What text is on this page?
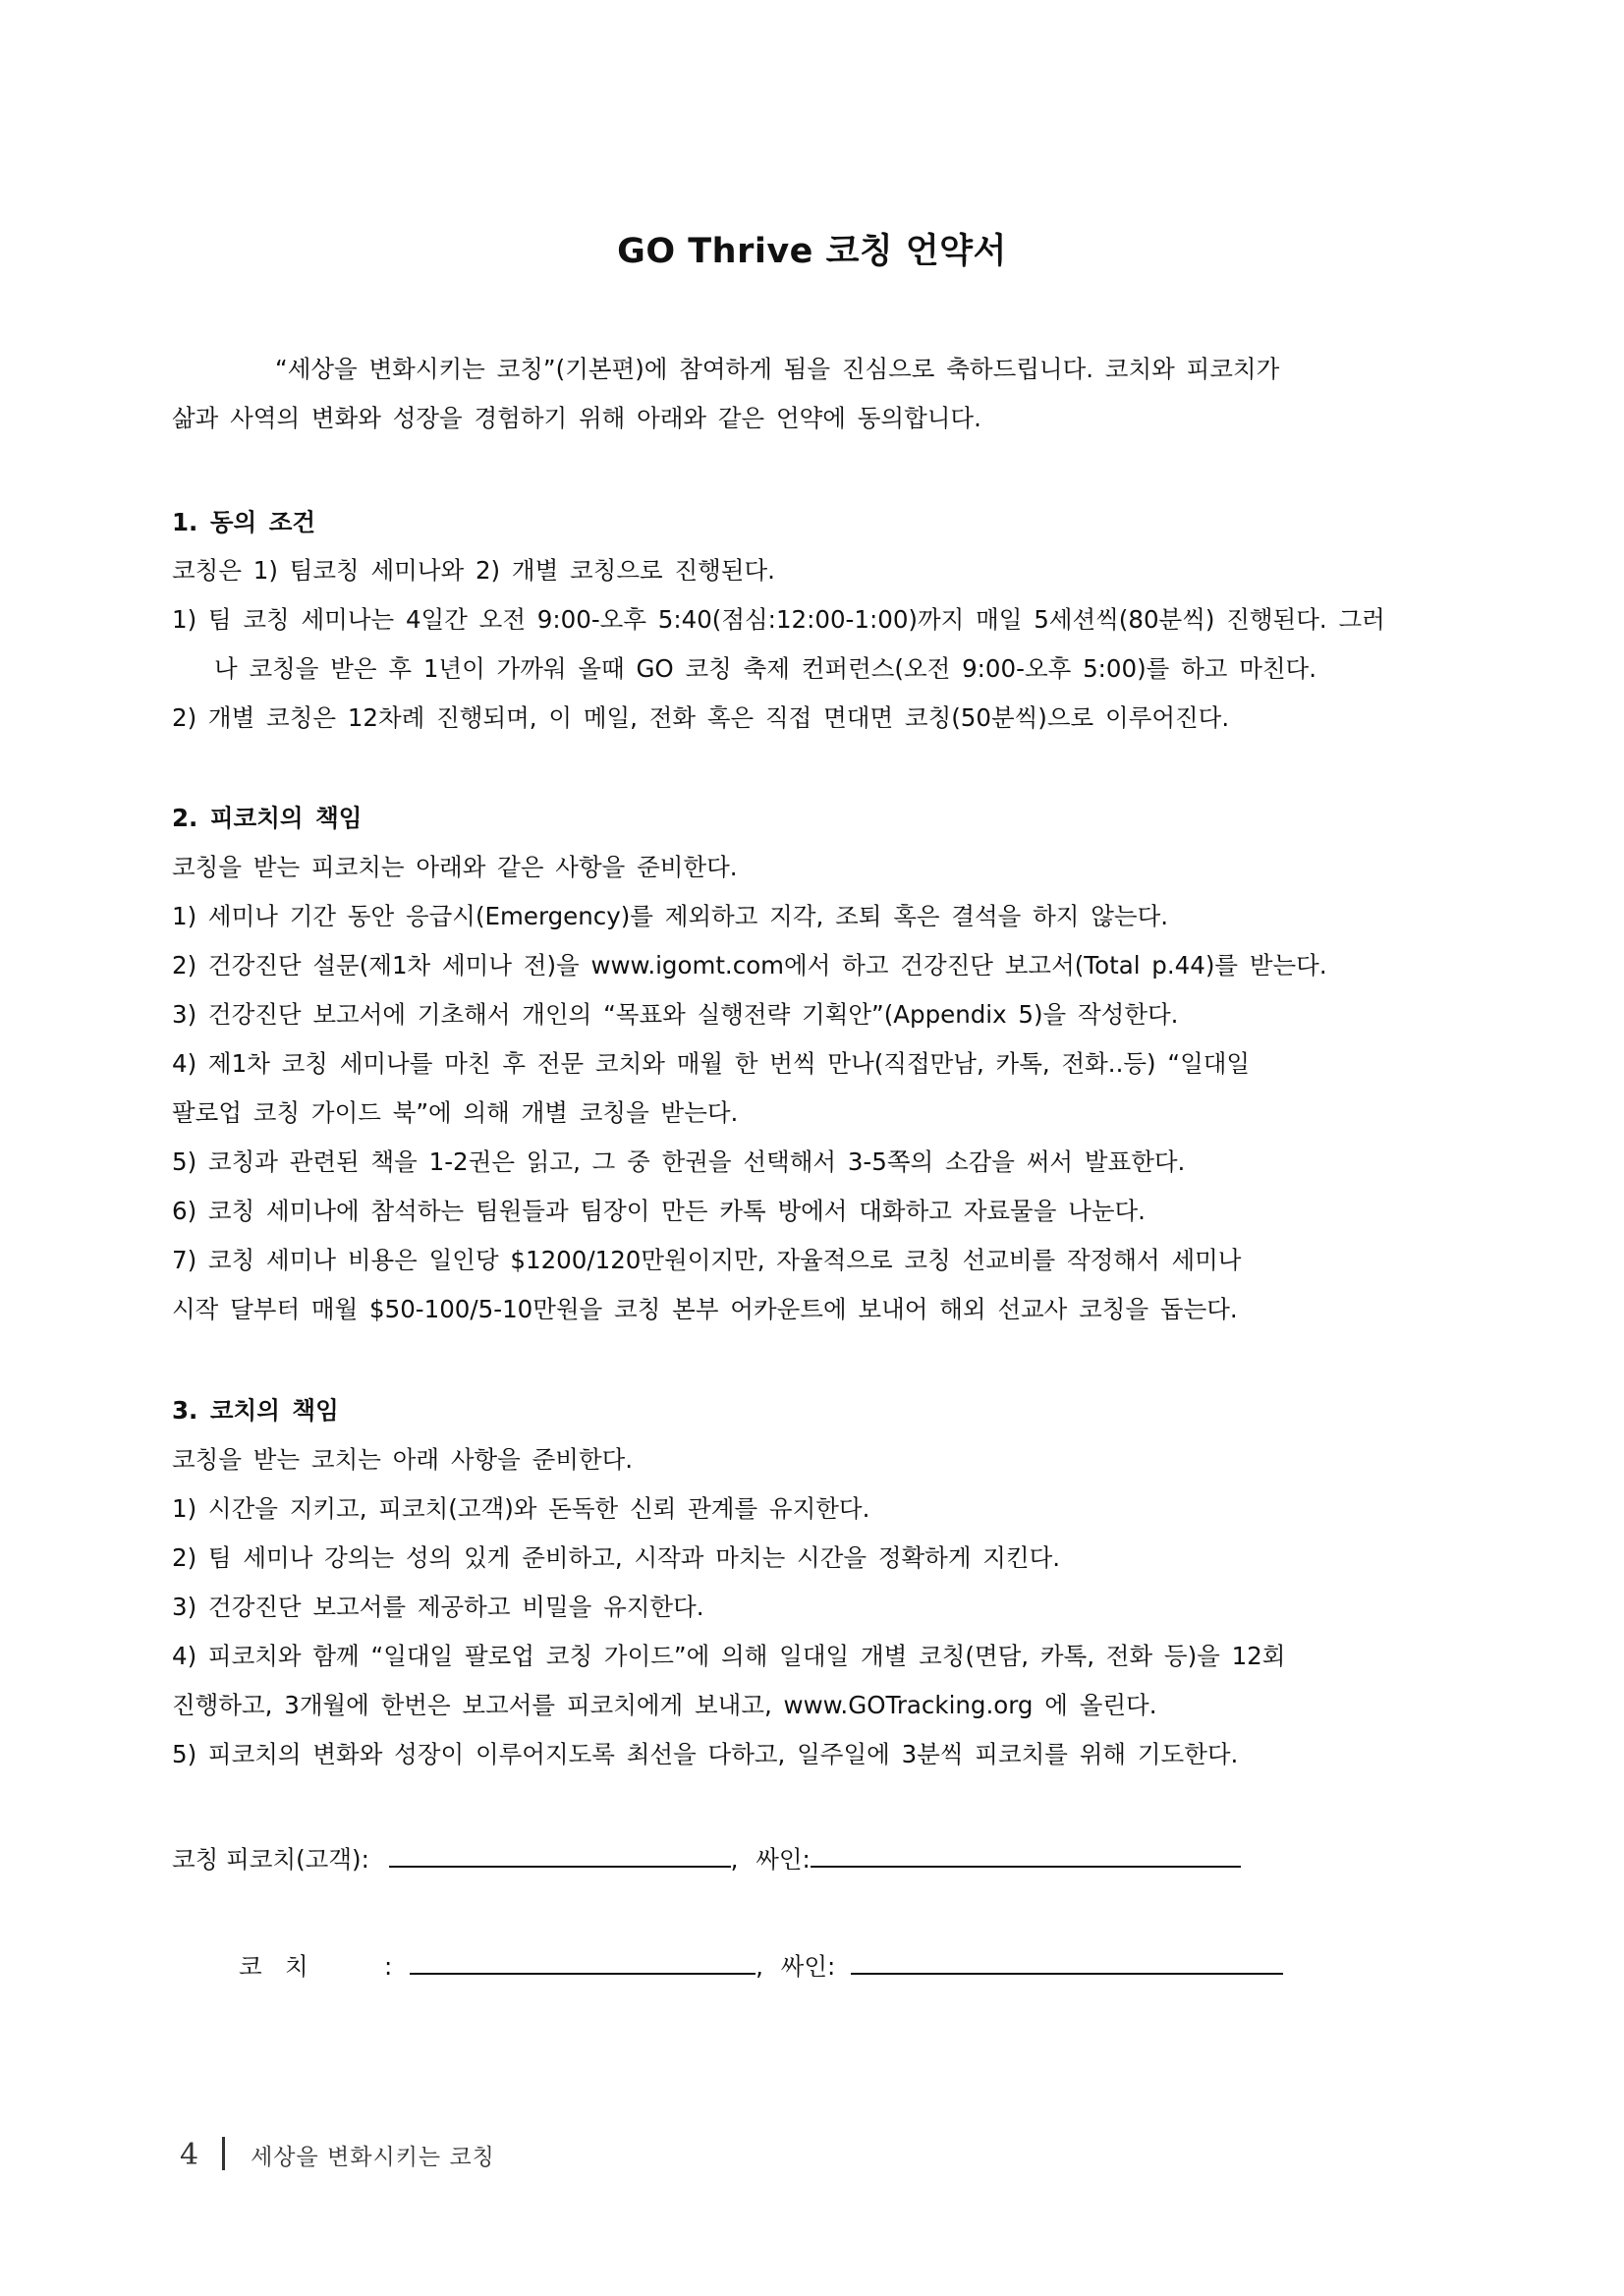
GO Thrive 코칭 언약서
“세상을 변화시키는 코칭”(기본편)에 참여하게 됨을 진심으로 축하드립니다. 코치와 피코치가
삶과 사역의 변화와 성장을 경험하기 위해 아래와 같은 언약에 동의합니다.
1. 동의 조건
코칭은 1) 팀코칭 세미나와 2) 개별 코칭으로 진행된다.
1) 팀 코칭 세미나는 4일간 오전 9:00-오후 5:40(점심:12:00-1:00)까지 매일 5세션씩(80분씩) 진행된다. 그러
나 코칭을 받은 후 1년이 가까워 올때 GO 코칭 축제 컨퍼런스(오전 9:00-오후 5:00)를 하고 마친다.
2) 개별 코칭은 12차례 진행되며, 이 메일, 전화 혹은 직접 면대면 코칭(50분씩)으로 이루어진다.
2. 피코치의 책임
코칭을 받는 피코치는 아래와 같은 사항을 준비한다.
1) 세미나 기간 동안 응급시(Emergency)를 제외하고 지각, 조퇴 혹은 결석을 하지 않는다.
2) 건강진단 설문(제1차 세미나 전)을 www.igomt.com에서 하고 건강진단 보고서(Total p.44)를 받는다.
3) 건강진단 보고서에 기초해서 개인의 “목표와 실행전략 기획안”(Appendix 5)을 작성한다.
4) 제1차 코칭 세미나를 마친 후 전문 코치와 매월 한 번씩 만나(직접만남, 카톡, 전화..등) “일대일
팔로업 코칭 가이드 북”에 의해 개별 코칭을 받는다.
5) 코칭과 관련된 책을 1-2권은 읽고, 그 중 한권을 선택해서 3-5쪽의 소감을 써서 발표한다.
6) 코칭 세미나에 참석하는 팀원들과 팀장이 만든 카톡 방에서 대화하고 자료물을 나눈다.
7) 코칭 세미나 비용은 일인당 $1200/120만원이지만, 자율적으로 코칭 선교비를 작정해서 세미나
시작 달부터 매월 $50-100/5-10만원을 코칭 본부 어카운트에 보내어 해외 선교사 코칭을 돕는다.
3. 코치의 책임
코칭을 받는 코치는 아래 사항을 준비한다.
1) 시간을 지키고, 피코치(고객)와 돈독한 신뢰 관계를 유지한다.
2) 팀 세미나 강의는 성의 있게 준비하고, 시작과 마치는 시간을 정확하게 지킨다.
3) 건강진단 보고서를 제공하고 비밀을 유지한다.
4) 피코치와 함께 “일대일 팔로업 코칭 가이드”에 의해 일대일 개별 코칭(면담, 카톡, 전화 등)을 12회
진행하고, 3개월에 한번은 보고서를 피코치에게 보내고, www.GOTracking.org 에 올린다.
5) 피코치의 변화와 성장이 이루어지도록 최선을 다하고, 일주일에 3분씩 피코치를 위해 기도한다.
코칭 피코치(고객):	, 싸인:
코   치	:	, 싸인:
4 세상을 변화시키는 코칭
